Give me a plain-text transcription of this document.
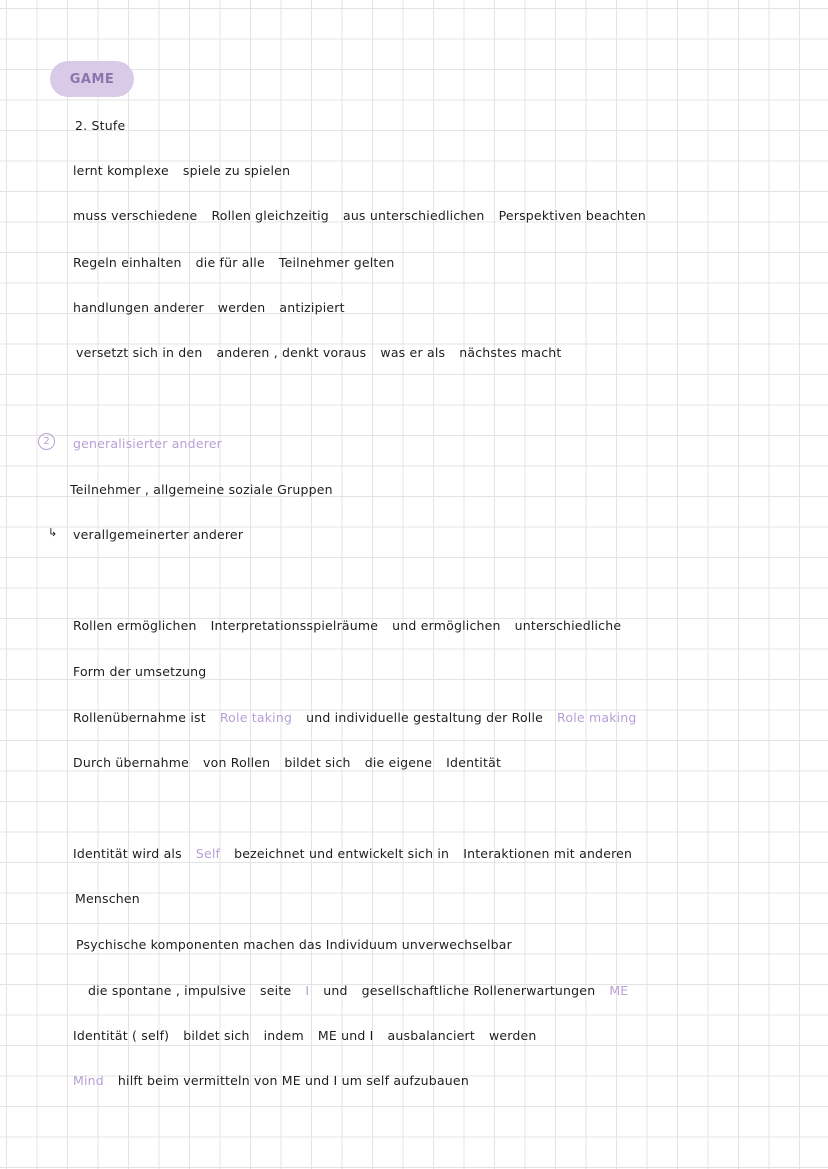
GAME
2. Stufe
lernt komplexe spiele zu spielen
muss verschiedene Rollen gleichzeitig aus unterschiedlichen Perspektiven beachten
Regeln einhalten die für alle Teilnehmer gelten
handlungen anderer werden antizipiert
versetzt sich in den anderen , denkt voraus was er als nächstes macht
2 generalisierter anderer
Teilnehmer , allgemeine soziale Gruppen
↳ verallgemeinerter anderer
Rollen ermöglichen Interpretationsspielräume und ermöglichen unterschiedliche
Form der umsetzung
Rollenübernahme ist Role taking und individuelle gestaltung der Rolle Role making
Durch übernahme von Rollen bildet sich die eigene Identität
Identität wird als Self bezeichnet und entwickelt sich in Interaktionen mit anderen
Menschen
Psychische komponenten machen das Individuum unverwechselbar
die spontane , impulsive seite I und gesellschaftliche Rollenerwartungen ME
Identität ( self) bildet sich indem ME und I ausbalanciert werden
Mind hilft beim vermitteln von ME und I um self aufzubauen
